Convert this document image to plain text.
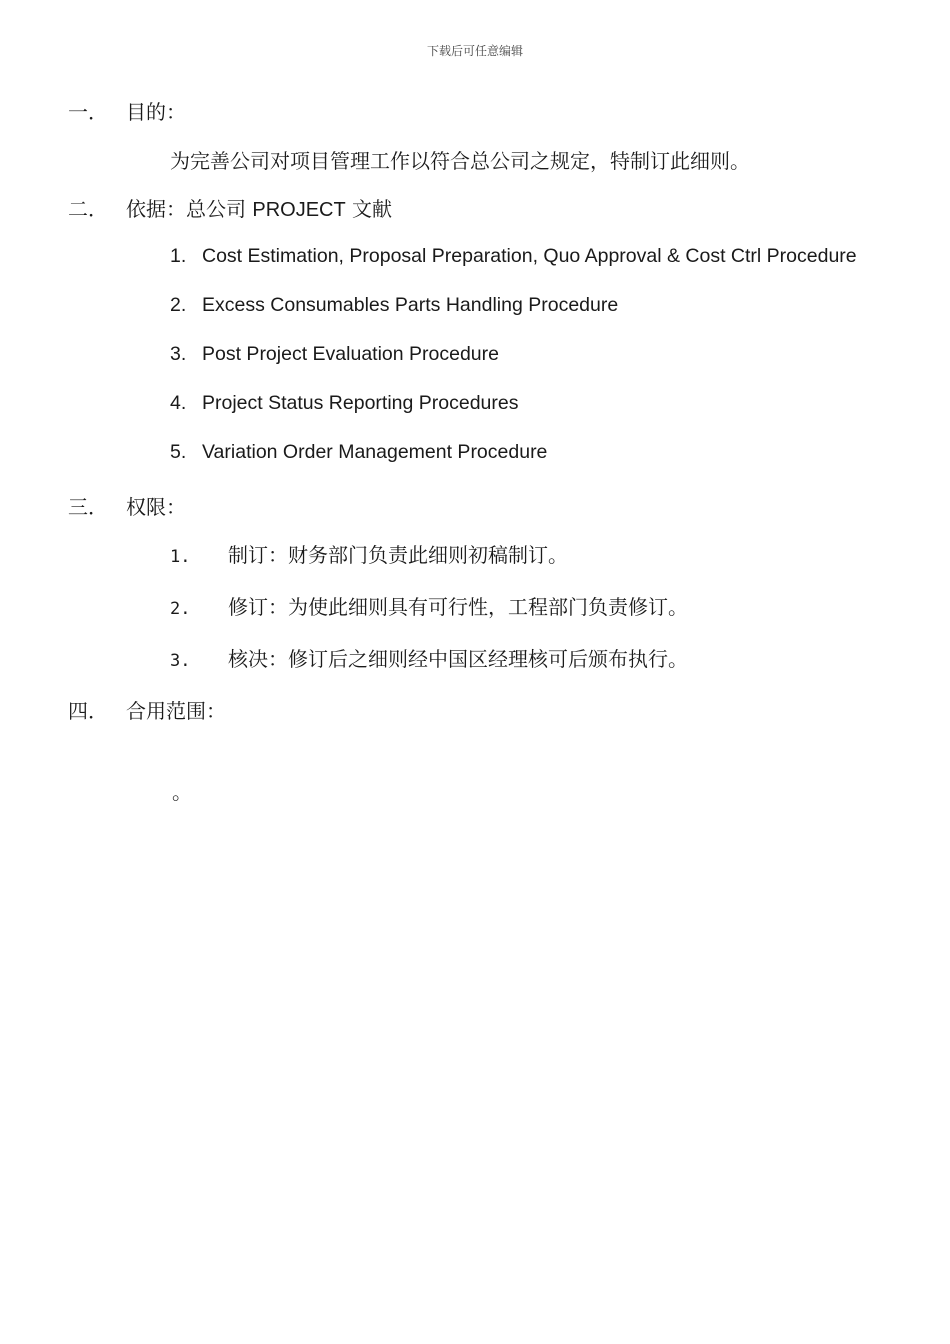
下载后可任意编辑
一． 目的：
为完善公司对项目管理工作以符合总公司之规定，特制订此细则。
二． 依据：总公司 PROJECT 文献
1. Cost Estimation, Proposal Preparation, Quo Approval & Cost Ctrl Procedure
2. Excess Consumables Parts Handling Procedure
3. Post Project Evaluation Procedure
4. Project Status Reporting Procedures
5. Variation Order Management Procedure
三． 权限：
1. 制订：财务部门负责此细则初稿制订。
2. 修订：为使此细则具有可行性，工程部门负责修订。
3. 核决：修订后之细则经中国区经理核可后颁布执行。
四． 合用范围：
。
